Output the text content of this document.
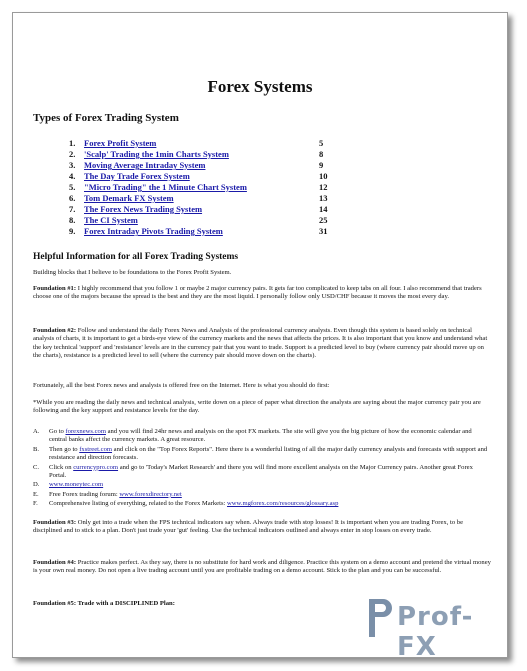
Forex Systems
Types of Forex Trading System
1.	Forex Profit System	5
2.	'Scalp' Trading the 1min Charts System	8
3.	Moving Average Intraday System	9
4.	The Day Trade Forex System	10
5.	"Micro Trading" the 1 Minute Chart System	12
6.	Tom Demark FX System	13
7.	The Forex News Trading System	14
8.	The CI System	25
9.	Forex Intraday Pivots Trading System	31
Helpful Information for all Forex Trading Systems

Building blocks that I believe to be foundations to the Forex Profit System.

Foundation #1: I highly recommend that you follow 1 or maybe 2 major currency pairs. It gets far too complicated to keep tabs on all four. I also recommend that traders choose one of the majors because the spread is the best and they are the most liquid. I personally follow only USD/CHF because it moves the most every day.

Foundation #2: Follow and understand the daily Forex News and Analysis of the professional currency analysts. Even though this system is based solely on technical analysis of charts, it is important to get a birds-eye view of the currency markets and the news that affects the prices. It is also important that you know and understand what the key technical 'support' and 'resistance' levels are in the currency pair that you want to trade. Support is a predicted level to buy (where currency pair should move up on the charts), resistance is a predicted level to sell (where the currency pair should move down on the charts).

Fortunately, all the best Forex news and analysis is offered free on the Internet. Here is what you should do first:

*While you are reading the daily news and technical analysis, write down on a piece of paper what direction the analysts are saying about the major currency pair you are following and the key support and resistance levels for the day.

A.	Go to forexnews.com and you will find 24hr news and analysis on the spot FX markets. The site will give you the big picture of how the economic calendar and central banks affect the currency markets. A great resource.
B.	Then go to fxstreet.com and click on the "Top Forex Reports". Here there is a wonderful listing of all the major daily currency analysis and forecasts with support and resistance and direction forecasts.
C.	Click on currencypro.com and go to 'Today's Market Research' and there you will find more excellent analysis on the Major Currency pairs. Another great Forex Portal.
D.	www.moneytec.com
E.	Free Forex trading forum: www.forexdirectory.net
F.	Comprehensive listing of everything, related to the Forex Markets: www.mgforex.com/resources/glossary.asp

Foundation #3: Only get into a trade when the FPS technical indicators say when. Always trade with stop losses! It is important when you are trading Forex, to be disciplined and to stick to a plan. Don't just trade your 'gut' feeling. Use the technical indicators outlined and always enter in stop losses on every trade.

Foundation #4: Practice makes perfect. As they say, there is no substitute for hard work and diligence. Practice this system on a demo account and pretend the virtual money is your own real money. Do not open a live trading account until you are profitable trading on a demo account. Stick to the plan and you can be successful.

Foundation #5: Trade with a DISCIPLINED Plan:	Prof-FX
